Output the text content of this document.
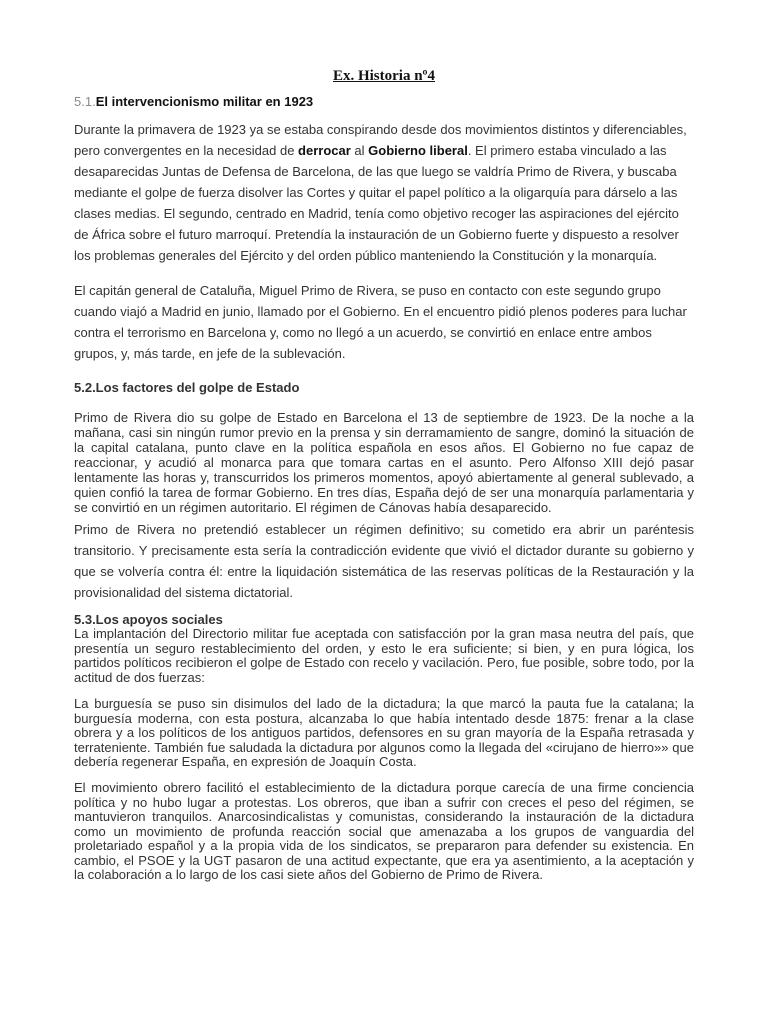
Ex. Historia nº4
5.1.El intervencionismo militar en 1923

Durante la primavera de 1923 ya se estaba conspirando desde dos movimientos distintos y diferenciables, pero convergentes en la necesidad de derrocar al Gobierno liberal. El primero estaba vinculado a las desaparecidas Juntas de Defensa de Barcelona, de las que luego se valdría Primo de Rivera, y buscaba mediante el golpe de fuerza disolver las Cortes y quitar el papel político a la oligarquía para dárselo a las clases medias. El segundo, centrado en Madrid, tenía como objetivo recoger las aspiraciones del ejército de África sobre el futuro marroquí. Pretendía la instauración de un Gobierno fuerte y dispuesto a resolver los problemas generales del Ejército y del orden público manteniendo la Constitución y la monarquía.

El capitán general de Cataluña, Miguel Primo de Rivera, se puso en contacto con este segundo grupo cuando viajó a Madrid en junio, llamado por el Gobierno. En el encuentro pidió plenos poderes para luchar contra el terrorismo en Barcelona y, como no llegó a un acuerdo, se convirtió en enlace entre ambos grupos, y, más tarde, en jefe de la sublevación.

5.2.Los factores del golpe de Estado

Primo de Rivera dio su golpe de Estado en Barcelona el 13 de septiembre de 1923. De la noche a la mañana, casi sin ningún rumor previo en la prensa y sin derramamiento de sangre, dominó la situación de la capital catalana, punto clave en la política española en esos años. El Gobierno no fue capaz de reaccionar, y acudió al monarca para que tomara cartas en el asunto. Pero Alfonso XIII dejó pasar lentamente las horas y, transcurridos los primeros momentos, apoyó abiertamente al general sublevado, a quien confió la tarea de formar Gobierno. En tres días, España dejó de ser una monarquía parlamentaria y se convirtió en un régimen autoritario. El régimen de Cánovas había desaparecido.

Primo de Rivera no pretendió establecer un régimen definitivo; su cometido era abrir un paréntesis transitorio. Y precisamente esta sería la contradicción evidente que vivió el dictador durante su gobierno y que se volvería contra él: entre la liquidación sistemática de las reservas políticas de la Restauración y la provisionalidad del sistema dictatorial.

5.3.Los apoyos sociales

La implantación del Directorio militar fue aceptada con satisfacción por la gran masa neutra del país, que presentía un seguro restablecimiento del orden, y esto le era suficiente; si bien, y en pura lógica, los partidos políticos recibieron el golpe de Estado con recelo y vacilación. Pero, fue posible, sobre todo, por la actitud de dos fuerzas:

La burguesía se puso sin disimulos del lado de la dictadura; la que marcó la pauta fue la catalana; la burguesía moderna, con esta postura, alcanzaba lo que había intentado desde 1875: frenar a la clase obrera y a los políticos de los antiguos partidos, defensores en su gran mayoría de la España retrasada y terrateniente. También fue saludada la dictadura por algunos como la llegada del «cirujano de hierro»» que debería regenerar España, en expresión de Joaquín Costa.

El movimiento obrero facilitó el establecimiento de la dictadura porque carecía de una firme conciencia política y no hubo lugar a protestas. Los obreros, que iban a sufrir con creces el peso del régimen, se mantuvieron tranquilos. Anarcosindicalistas y comunistas, considerando la instauración de la dictadura como un movimiento de profunda reacción social que amenazaba a los grupos de vanguardia del proletariado español y a la propia vida de los sindicatos, se prepararon para defender su existencia. En cambio, el PSOE y la UGT pasaron de una actitud expectante, que era ya asentimiento, a la aceptación y la colaboración a lo largo de los casi siete años del Gobierno de Primo de Rivera.
